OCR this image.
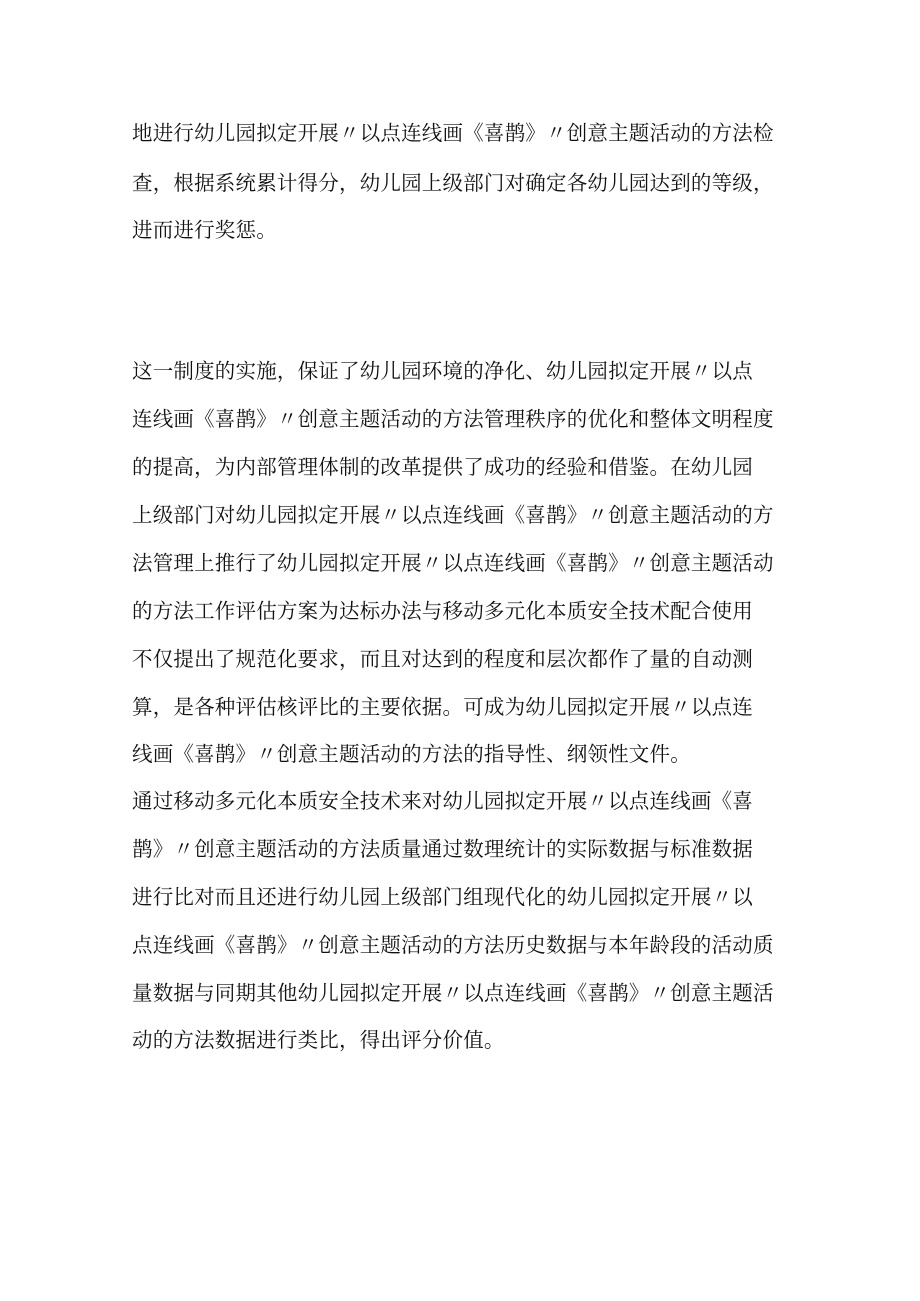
地进行幼儿园拟定开展〃以点连线画《喜鹊》〃创意主题活动的方法检
查，根据系统累计得分，幼儿园上级部门对确定各幼儿园达到的等级，
进而进行奖惩。
这一制度的实施，保证了幼儿园环境的净化、幼儿园拟定开展〃以点
连线画《喜鹊》〃创意主题活动的方法管理秩序的优化和整体文明程度
的提高，为内部管理体制的改革提供了成功的经验和借鉴。在幼儿园
上级部门对幼儿园拟定开展〃以点连线画《喜鹊》〃创意主题活动的方
法管理上推行了幼儿园拟定开展〃以点连线画《喜鹊》〃创意主题活动
的方法工作评估方案为达标办法与移动多元化本质安全技术配合使用
不仅提出了规范化要求，而且对达到的程度和层次都作了量的自动测
算，是各种评估核评比的主要依据。可成为幼儿园拟定开展〃以点连
线画《喜鹊》〃创意主题活动的方法的指导性、纲领性文件。
通过移动多元化本质安全技术来对幼儿园拟定开展〃以点连线画《喜
鹊》〃创意主题活动的方法质量通过数理统计的实际数据与标准数据
进行比对而且还进行幼儿园上级部门组现代化的幼儿园拟定开展〃以
点连线画《喜鹊》〃创意主题活动的方法历史数据与本年龄段的活动质
量数据与同期其他幼儿园拟定开展〃以点连线画《喜鹊》〃创意主题活
动的方法数据进行类比，得出评分价值。
